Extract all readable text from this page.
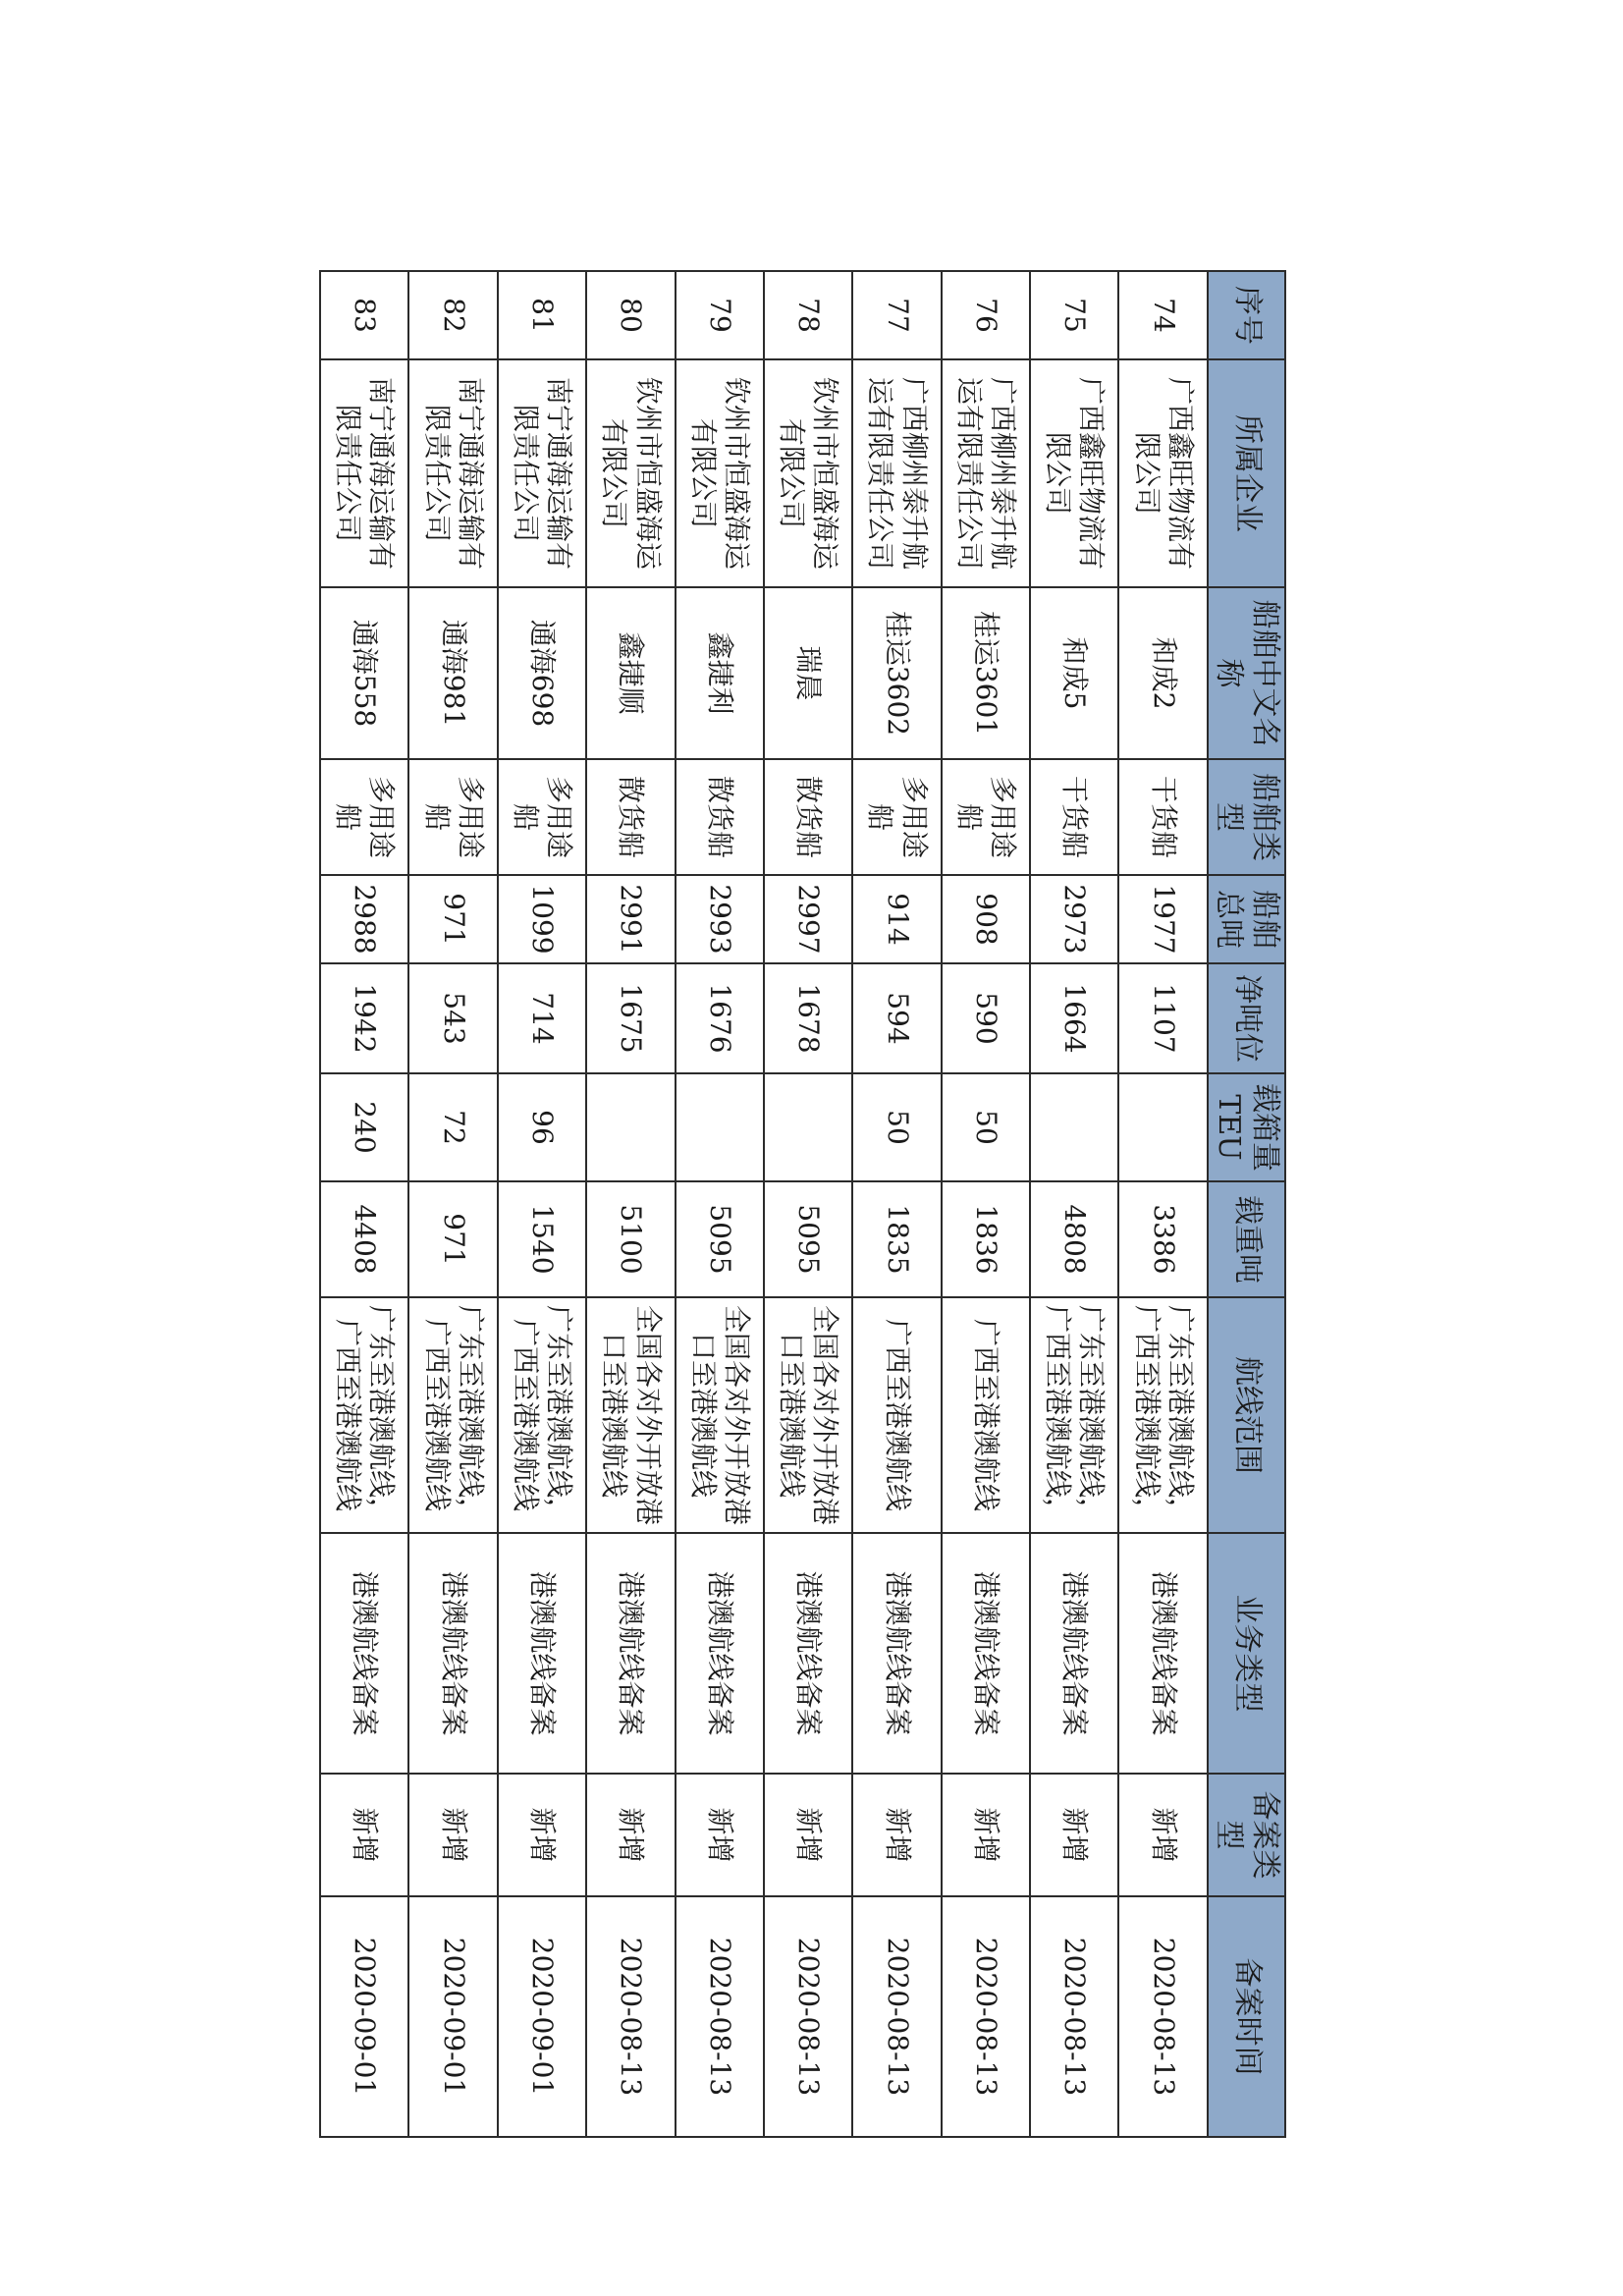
序号	所属企业	船舶中文名称	船舶类型	船舶总吨	净吨位	载箱量TEU	载重吨	航线范围	业务类型	备案类型	备案时间

74	广西鑫旺物流有限公司	和成2	干货船	1977	1107		3386	广东至港澳航线，广西至港澳航线，	港澳航线备案	新增	2020-08-13

75	广西鑫旺物流有限公司	和成5	干货船	2973	1664		4808	广东至港澳航线，广西至港澳航线，	港澳航线备案	新增	2020-08-13

76	广西柳州泰升航运有限责任公司	桂运3601	多用途船	908	590	50	1836	广西至港澳航线	港澳航线备案	新增	2020-08-13

77	广西柳州泰升航运有限责任公司	桂运3602	多用途船	914	594	50	1835	广西至港澳航线	港澳航线备案	新增	2020-08-13

78	钦州市恒盛海运有限公司	瑞晨	散货船	2997	1678		5095	全国各对外开放港口至港澳航线	港澳航线备案	新增	2020-08-13

79	钦州市恒盛海运有限公司	鑫捷利	散货船	2993	1676		5095	全国各对外开放港口至港澳航线	港澳航线备案	新增	2020-08-13

80	钦州市恒盛海运有限公司	鑫捷顺	散货船	2991	1675		5100	全国各对外开放港口至港澳航线	港澳航线备案	新增	2020-08-13

81	南宁通海运输有限责任公司	通海698	多用途船	1099	714	96	1540	广东至港澳航线，广西至港澳航线	港澳航线备案	新增	2020-09-01

82	南宁通海运输有限责任公司	通海981	多用途船	971	543	72	971	广东至港澳航线，广西至港澳航线	港澳航线备案	新增	2020-09-01

83	南宁通海运输有限责任公司	通海558	多用途船	2988	1942	240	4408	广东至港澳航线，广西至港澳航线	港澳航线备案	新增	2020-09-01
